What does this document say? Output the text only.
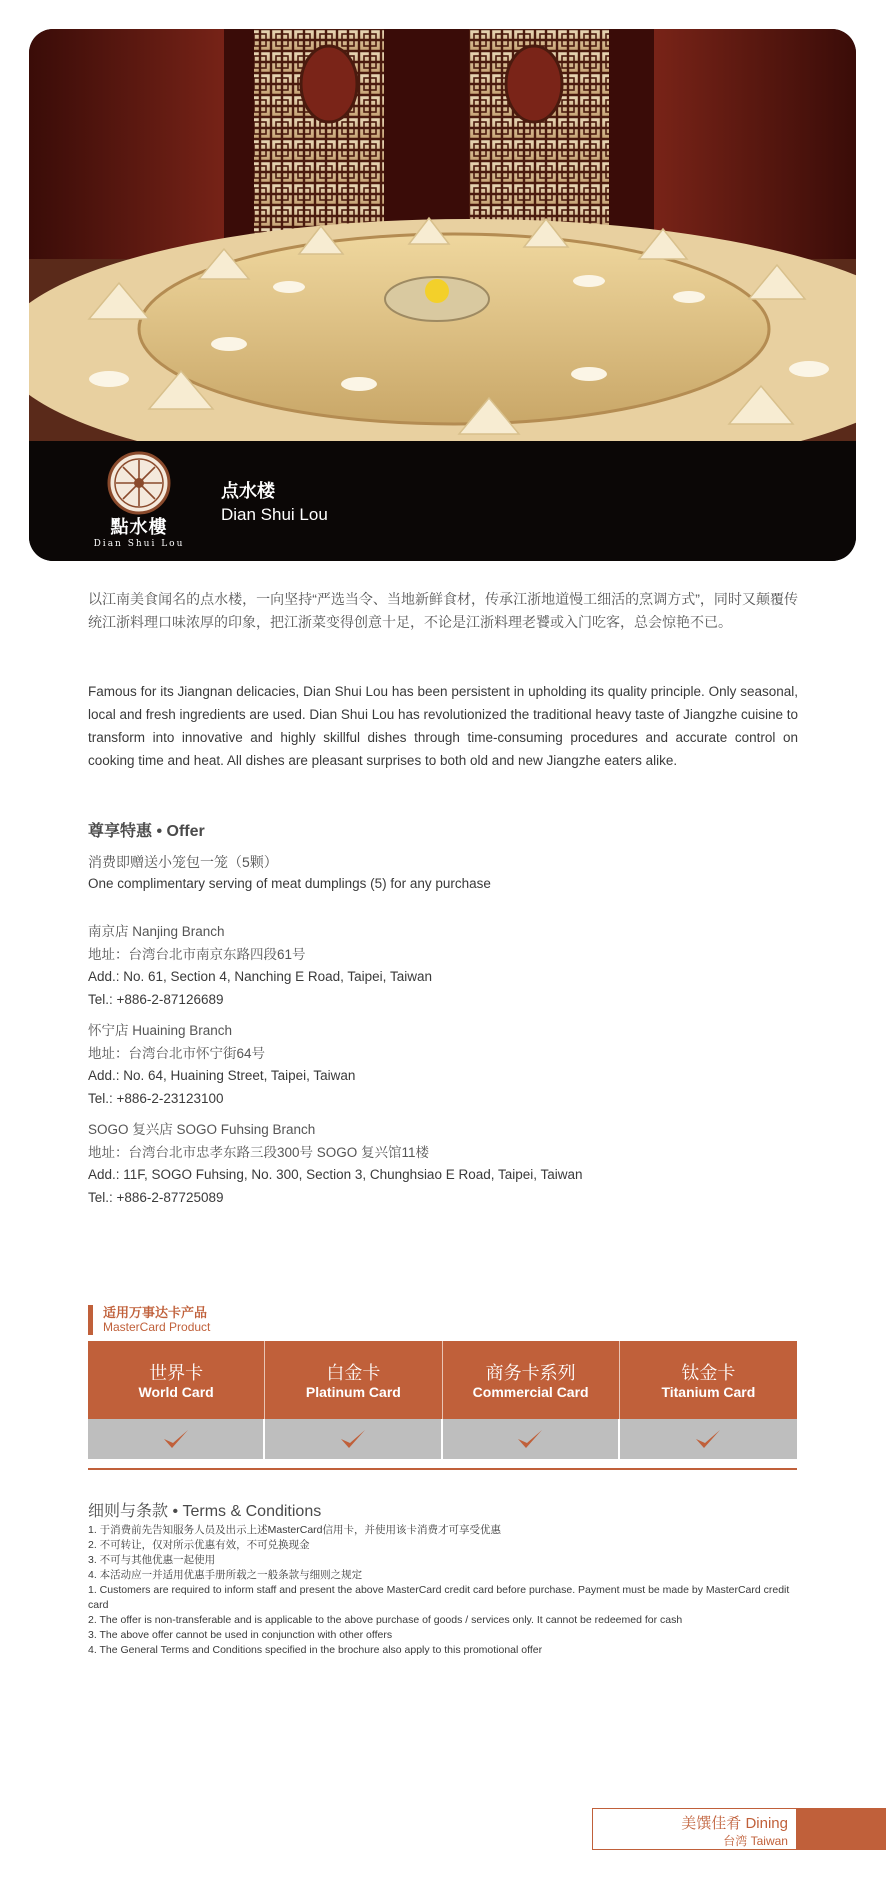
點水樓
Dian Shui Lou
点水楼
Dian Shui Lou

以江南美食闻名的点水楼，一向坚持“严选当令、当地新鲜食材，传承江浙地道慢工细活的烹调方式”，同时又颠覆传统江浙料理口味浓厚的印象，把江浙菜变得创意十足，不论是江浙料理老饕或入门吃客，总会惊艳不已。

Famous for its Jiangnan delicacies, Dian Shui Lou has been persistent in upholding its quality principle. Only seasonal, local and fresh ingredients are used. Dian Shui Lou has revolutionized the traditional heavy taste of Jiangzhe cuisine to transform into innovative and highly skillful dishes through time-consuming procedures and accurate control on cooking time and heat. All dishes are pleasant surprises to both old and new Jiangzhe eaters alike.

尊享特惠 • Offer
消费即赠送小笼包一笼（5颗）
One complimentary serving of meat dumplings (5) for any purchase
南京店 Nanjing Branch
地址：台湾台北市南京东路四段61号
Add.: No. 61, Section 4, Nanching E Road, Taipei, Taiwan
Tel.: +886-2-87126689
怀宁店 Huaining Branch
地址：台湾台北市怀宁街64号
Add.: No. 64, Huaining Street, Taipei, Taiwan
Tel.: +886-2-23123100
SOGO 复兴店 SOGO Fuhsing Branch
地址：台湾台北市忠孝东路三段300号 SOGO 复兴馆11楼
Add.: 11F, SOGO Fuhsing, No. 300, Section 3, Chunghsiao E Road, Taipei, Taiwan
Tel.: +886-2-87725089
适用万事达卡产品
MasterCard Product
世界卡
World Card
白金卡
Platinum Card
商务卡系列
Commercial Card
钛金卡
Titanium Card
细则与条款 • Terms & Conditions
1. 于消费前先告知服务人员及出示上述MasterCard信用卡，并使用该卡消费才可享受优惠
2. 不可转让，仅对所示优惠有效，不可兑换现金
3. 不可与其他优惠一起使用
4. 本活动应一并适用优惠手册所载之一般条款与细则之规定
1. Customers are required to inform staff and present the above MasterCard credit card before purchase. Payment must be made by MasterCard credit card
2. The offer is non-transferable and is applicable to the above purchase of goods / services only. It cannot be redeemed for cash
3. The above offer cannot be used in conjunction with other offers
4. The General Terms and Conditions specified in the brochure also apply to this promotional offer
美馔佳肴 Dining
台湾 Taiwan
